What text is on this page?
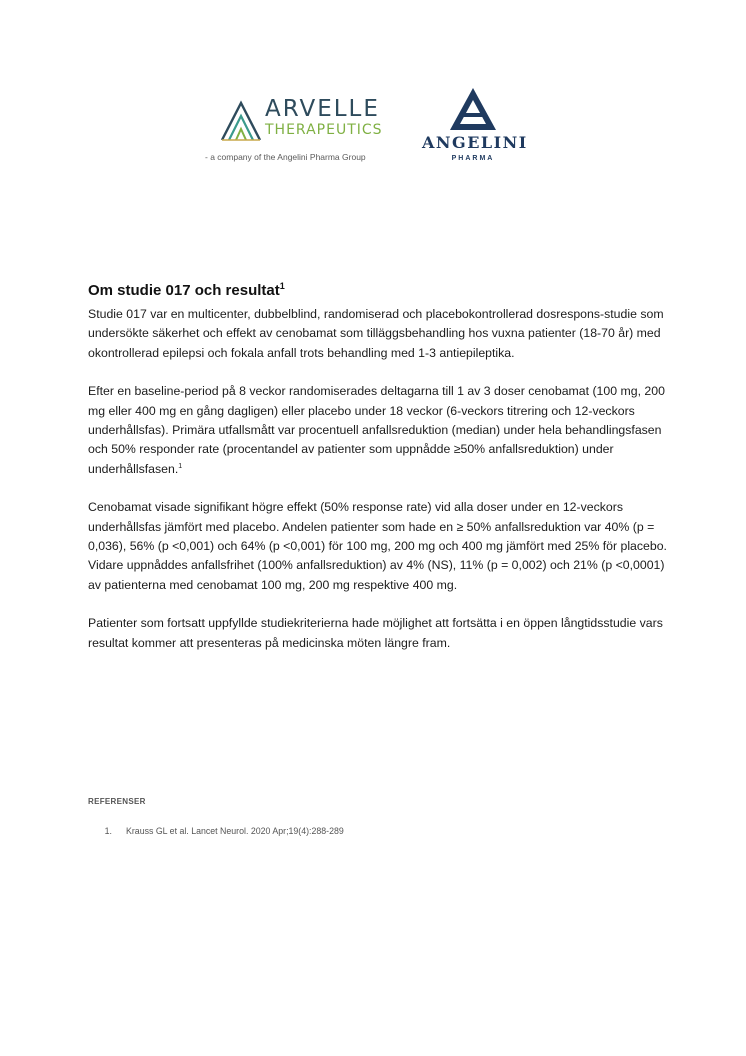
ARVELLE
THERAPEUTICS
- a company of the Angelini Pharma Group
ANGELINI
PHARMA
Om studie 017 och resultat$^1$

Studie 017 var en multicenter, dubbelblind, randomiserad och placebokontrollerad dosrespons-studie som undersökte säkerhet och effekt av cenobamat som tilläggsbehandling hos vuxna patienter (18-70 år) med okontrollerad epilepsi och fokala anfall trots behandling med 1-3 antiepileptika.

Efter en baseline-period på 8 veckor randomiserades deltagarna till 1 av 3 doser cenobamat (100 mg, 200 mg eller 400 mg en gång dagligen) eller placebo under 18 veckor (6-veckors titrering och 12-veckors underhållsfas). Primära utfallsmått var procentuell anfallsreduktion (median) under hela behandlingsfasen och 50% responder rate (procentandel av patienter som uppnådde ≥50% anfallsreduktion) under underhållsfasen.$^1$

Cenobamat visade signifikant högre effekt (50% response rate) vid alla doser under en 12-veckors underhållsfas jämfört med placebo. Andelen patienter som hade en ≥ 50% anfallsreduktion var 40% (p = 0,036), 56% (p <0,001) och 64% (p <0,001) för 100 mg, 200 mg och 400 mg jämfört med 25% för placebo. Vidare uppnåddes anfallsfrihet (100% anfallsreduktion) av 4% (NS), 11% (p = 0,002) och 21% (p <0,0001) av patienterna med cenobamat 100 mg, 200 mg respektive 400 mg.

Patienter som fortsatt uppfyllde studiekriterierna hade möjlighet att fortsätta i en öppen långtidsstudie vars resultat kommer att presenteras på medicinska möten längre fram.

REFERENSER
1. Krauss GL et al. Lancet Neurol. 2020 Apr;19(4):288-289
